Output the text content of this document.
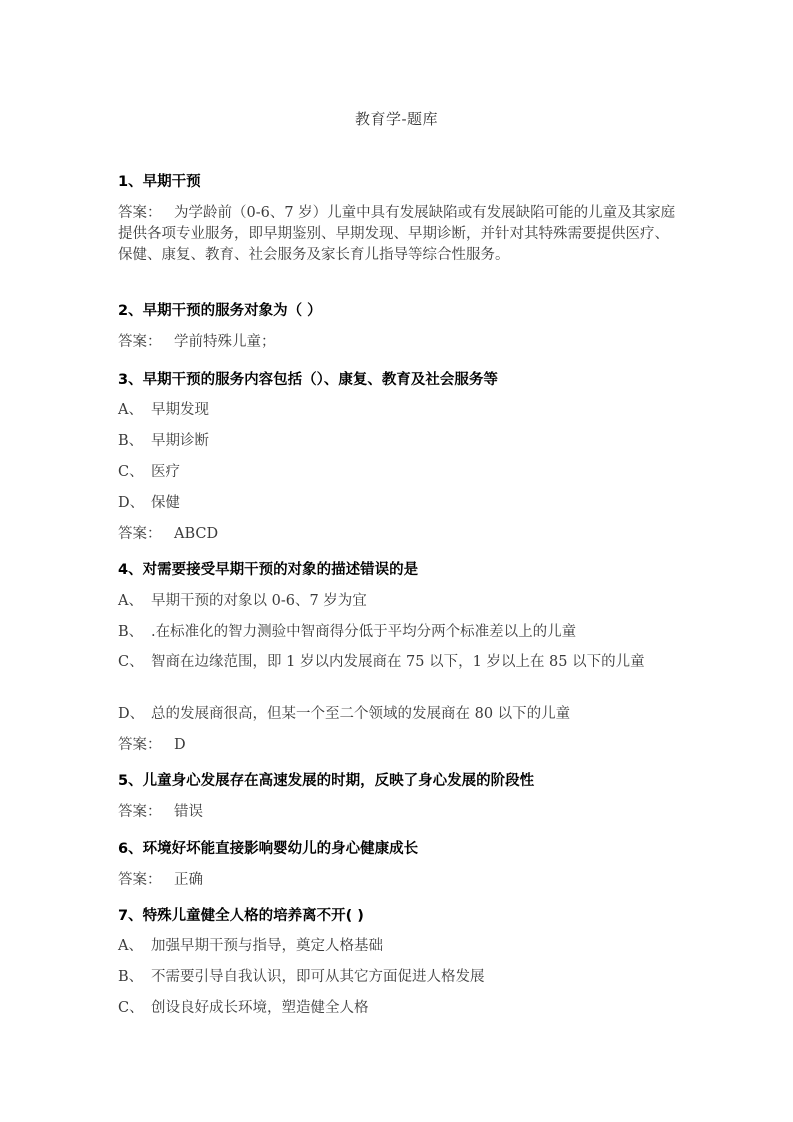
教育学-题库
1、早期干预
答案： 为学龄前（0-6、7 岁）儿童中具有发展缺陷或有发展缺陷可能的儿童及其家庭提供各项专业服务，即早期鉴别、早期发现、早期诊断，并针对其特殊需要提供医疗、保健、康复、教育、社会服务及家长育儿指导等综合性服务。
2、早期干预的服务对象为（ ）
答案： 学前特殊儿童；
3、早期干预的服务内容包括（）、康复、教育及社会服务等
A、 早期发现
B、 早期诊断
C、 医疗
D、 保健
答案： ABCD
4、对需要接受早期干预的对象的描述错误的是
A、 早期干预的对象以 0-6、7 岁为宜
B、 .在标准化的智力测验中智商得分低于平均分两个标准差以上的儿童
C、 智商在边缘范围，即 1 岁以内发展商在 75 以下，1 岁以上在 85 以下的儿童
D、 总的发展商很高，但某一个至二个领域的发展商在 80 以下的儿童
答案： D
5、儿童身心发展存在高速发展的时期，反映了身心发展的阶段性
答案： 错误
6、环境好坏能直接影响婴幼儿的身心健康成长
答案： 正确
7、特殊儿童健全人格的培养离不开( )
A、 加强早期干预与指导，奠定人格基础
B、 不需要引导自我认识，即可从其它方面促进人格发展
C、 创设良好成长环境，塑造健全人格
